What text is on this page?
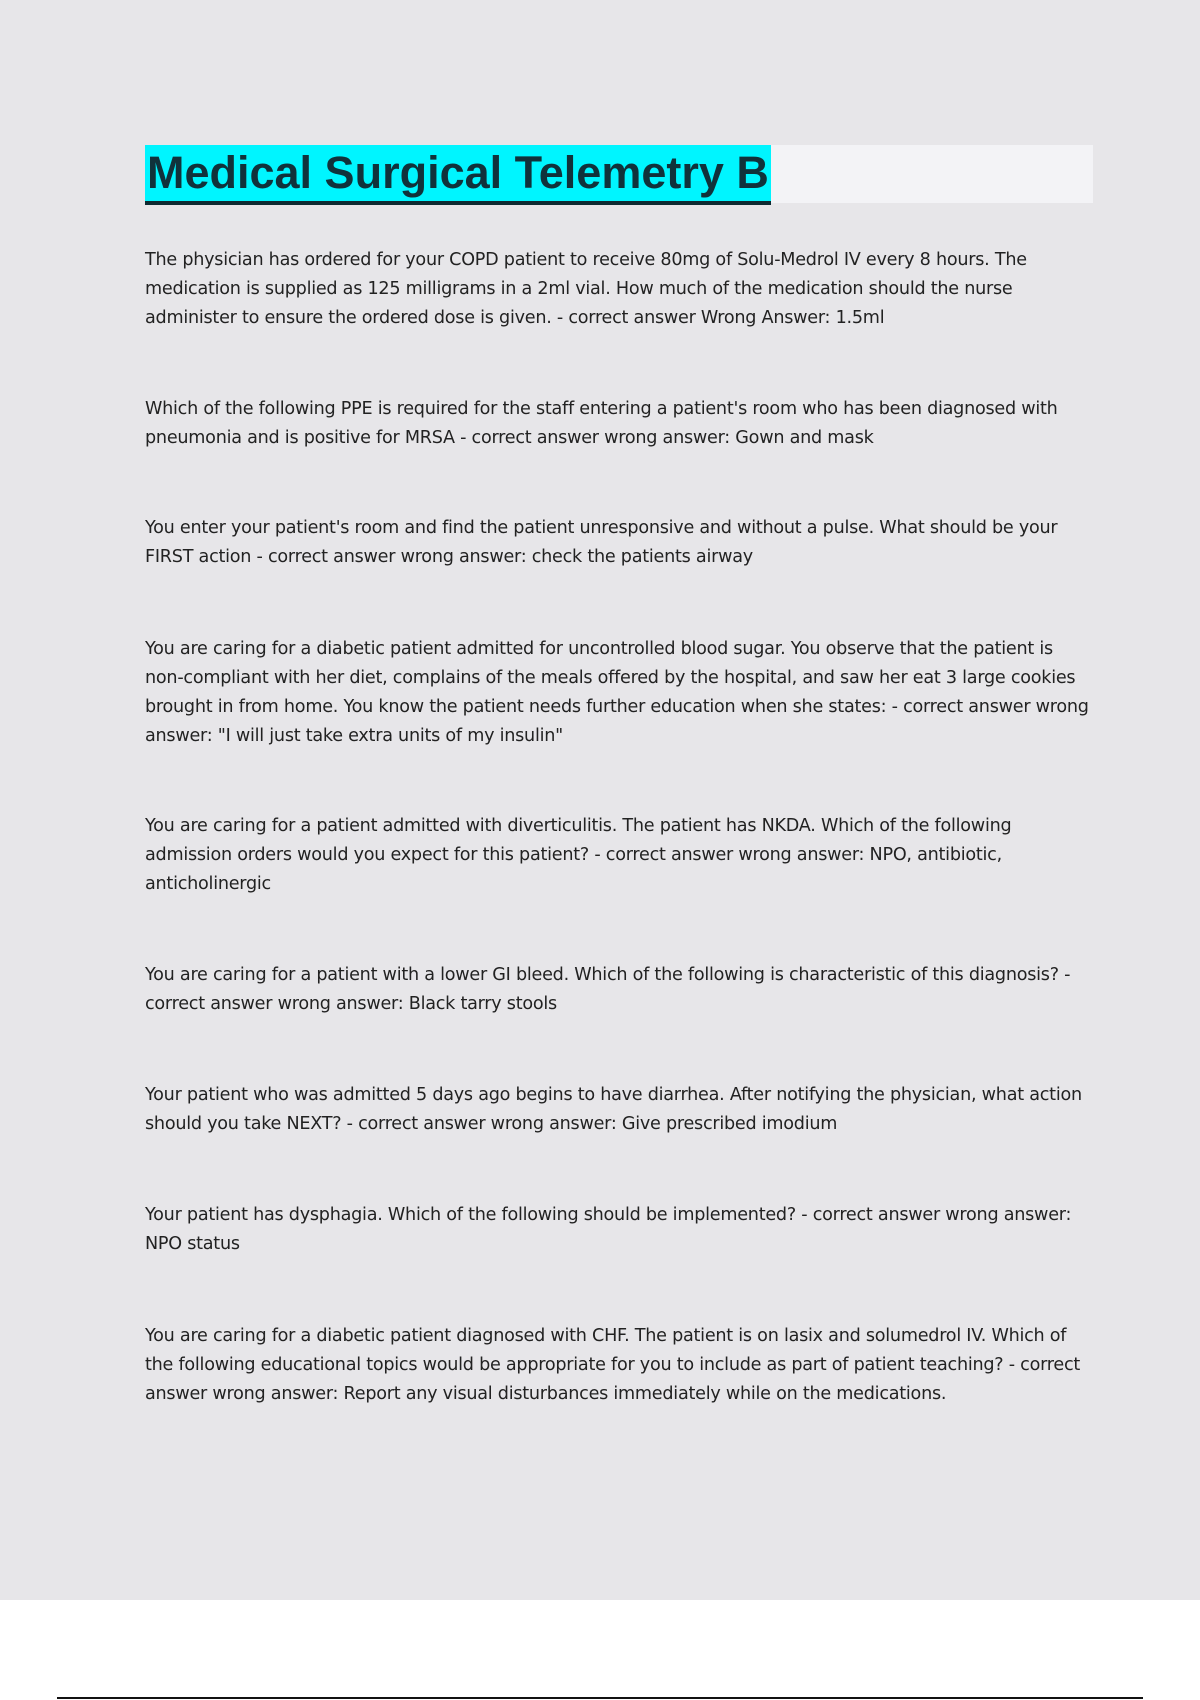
Medical Surgical Telemetry B

The physician has ordered for your COPD patient to receive 80mg of Solu-Medrol IV every 8 hours. The medication is supplied as 125 milligrams in a 2ml vial. How much of the medication should the nurse administer to ensure the ordered dose is given. - correct answer Wrong Answer: 1.5ml

Which of the following PPE is required for the staff entering a patient's room who has been diagnosed with pneumonia and is positive for MRSA - correct answer wrong answer: Gown and mask

You enter your patient's room and find the patient unresponsive and without a pulse. What should be your FIRST action - correct answer wrong answer: check the patients airway

You are caring for a diabetic patient admitted for uncontrolled blood sugar. You observe that the patient is non-compliant with her diet, complains of the meals offered by the hospital, and saw her eat 3 large cookies brought in from home. You know the patient needs further education when she states: - correct answer wrong answer: "I will just take extra units of my insulin"

You are caring for a patient admitted with diverticulitis. The patient has NKDA. Which of the following admission orders would you expect for this patient? - correct answer wrong answer: NPO, antibiotic, anticholinergic

You are caring for a patient with a lower GI bleed. Which of the following is characteristic of this diagnosis? - correct answer wrong answer: Black tarry stools

Your patient who was admitted 5 days ago begins to have diarrhea. After notifying the physician, what action should you take NEXT? - correct answer wrong answer: Give prescribed imodium

Your patient has dysphagia. Which of the following should be implemented? - correct answer wrong answer: NPO status

You are caring for a diabetic patient diagnosed with CHF. The patient is on lasix and solumedrol IV. Which of the following educational topics would be appropriate for you to include as part of patient teaching? - correct answer wrong answer: Report any visual disturbances immediately while on the medications.
